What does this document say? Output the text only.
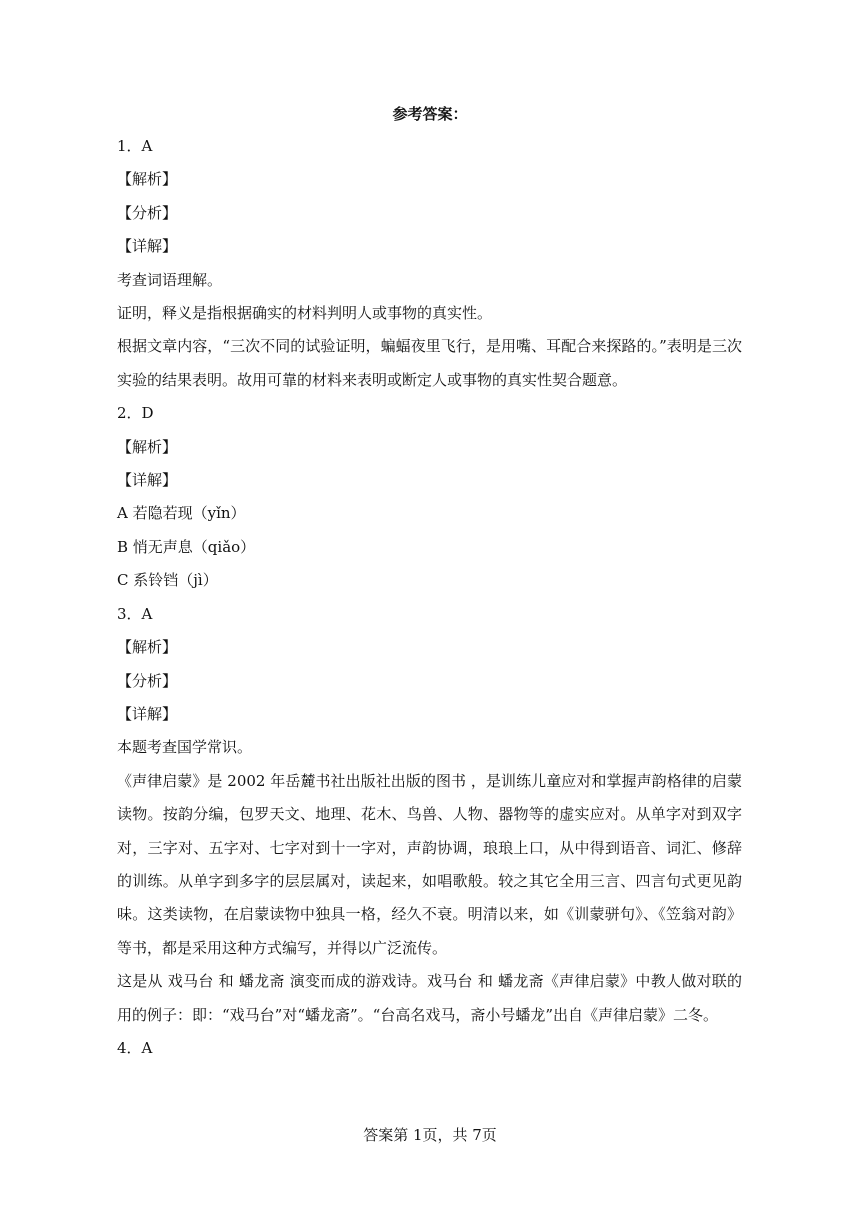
参考答案：

1．A

【解析】

【分析】

【详解】

考查词语理解。

证明，释义是指根据确实的材料判明人或事物的真实性。

根据文章内容，“三次不同的试验证明，蝙蝠夜里飞行，是用嘴、耳配合来探路的。”表明是三次实验的结果表明。故用可靠的材料来表明或断定人或事物的真实性契合题意。

2．D

【解析】

【详解】

A 若隐若现（yǐn）

B 悄无声息（qiǎo）

C 系铃铛（jì）

3．A

【解析】

【分析】

【详解】

本题考查国学常识。

《声律启蒙》是 2002 年岳麓书社出版社出版的图书 ，是训练儿童应对和掌握声韵格律的启蒙读物。按韵分编，包罗天文、地理、花木、鸟兽、人物、器物等的虚实应对。从单字对到双字对，三字对、五字对、七字对到十一字对，声韵协调，琅琅上口，从中得到语音、词汇、修辞的训练。从单字到多字的层层属对，读起来，如唱歌般。较之其它全用三言、四言句式更见韵味。这类读物，在启蒙读物中独具一格，经久不衰。明清以来，如《训蒙骈句》、《笠翁对韵》等书，都是采用这种方式编写，并得以广泛流传。

这是从 戏马台 和 蟠龙斋 演变而成的游戏诗。戏马台 和 蟠龙斋《声律启蒙》中教人做对联的用的例子：即：“戏马台”对“蟠龙斋”。“台高名戏马，斋小号蟠龙”出自《声律启蒙》二冬。

4．A

答案第 1页，共 7页
